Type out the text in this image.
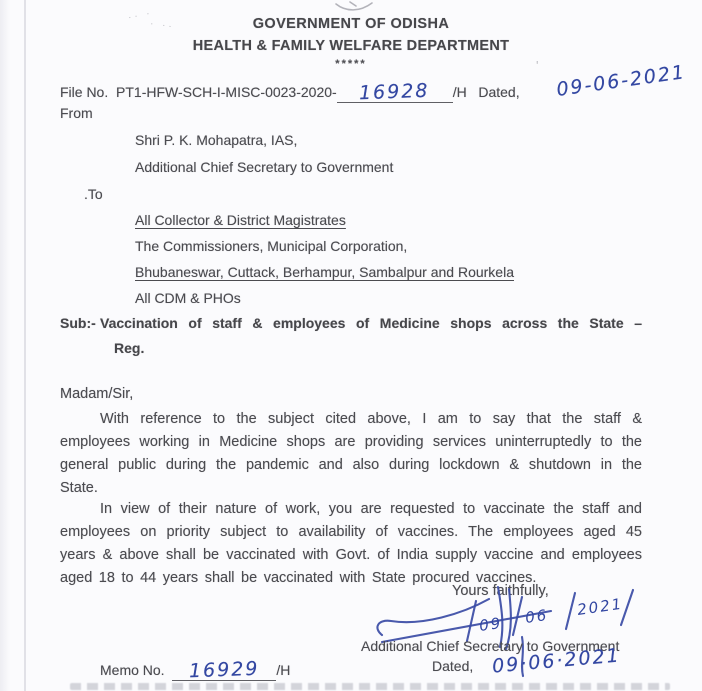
·· ·
· ··
'
GOVERNMENT OF ODISHA
HEALTH & FAMILY WELFARE DEPARTMENT
*****
File No. PT1-HFW-SCH-I-MISC-0023-2020- 16928 /H Dated, 09-06-2021
From
Shri P. K. Mohapatra, IAS,
Additional Chief Secretary to Government
.To
All Collector & District Magistrates
The Commissioners, Municipal Corporation,
Bhubaneswar, Cuttack, Berhampur, Sambalpur and Rourkela
All CDM & PHOs
Sub:- Vaccination of staff & employees of Medicine shops across the State –
Reg.
Madam/Sir,
With reference to the subject cited above, I am to say that the staff & employees working in Medicine shops are providing services uninterruptedly to the general public during the pandemic and also during lockdown & shutdown in the State.
In view of their nature of work, you are requested to vaccinate the staff and employees on priority subject to availability of vaccines. The employees aged 45 years & above shall be vaccinated with Govt. of India supply vaccine and employees aged 18 to 44 years shall be vaccinated with State procured vaccines.
Yours faithfully,
09 06 2021
Additional Chief Secretary to Government
Memo No. 16929 /H	Dated, 09·06·2021
